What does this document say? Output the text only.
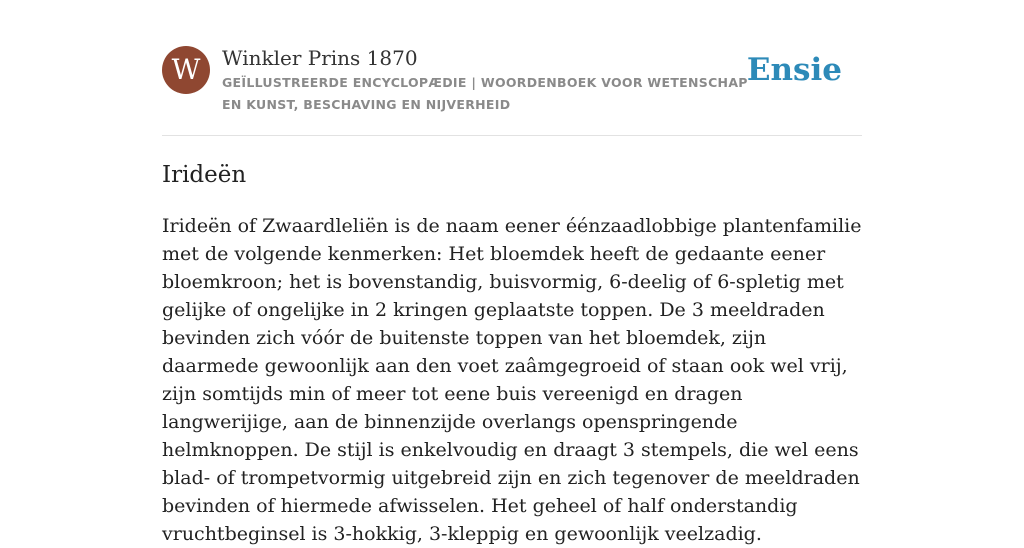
W	Winkler Prins 1870
GEÏLLUSTREERDE ENCYCLOPÆDIE | WOORDENBOEK VOOR WETENSCHAP EN KUNST, BESCHAVING EN NIJVERHEID
Ensie
Irideën

Irideën of Zwaardleliën is de naam eener éénzaadlobbige plantenfamilie met de volgende kenmerken: Het bloemdek heeft de gedaante eener bloemkroon; het is bovenstandig, buisvormig, 6-deelig of 6-spletig met gelijke of ongelijke in 2 kringen geplaatste toppen. De 3 meeldraden bevinden zich vóór de buitenste toppen van het bloemdek, zijn daarmede gewoonlijk aan den voet zaâmgegroeid of staan ook wel vrij, zijn somtijds min of meer tot eene buis vereenigd en dragen langwerijige, aan de binnenzijde overlangs openspringende helmknoppen. De stijl is enkelvoudig en draagt 3 stempels, die wel eens blad- of trompetvormig uitgebreid zijn en zich tegenover de meeldraden bevinden of hiermede afwisselen. Het geheel of half onderstandig vruchtbeginsel is 3-hokkig, 3-kleppig en gewoonlijk veelzadig.
